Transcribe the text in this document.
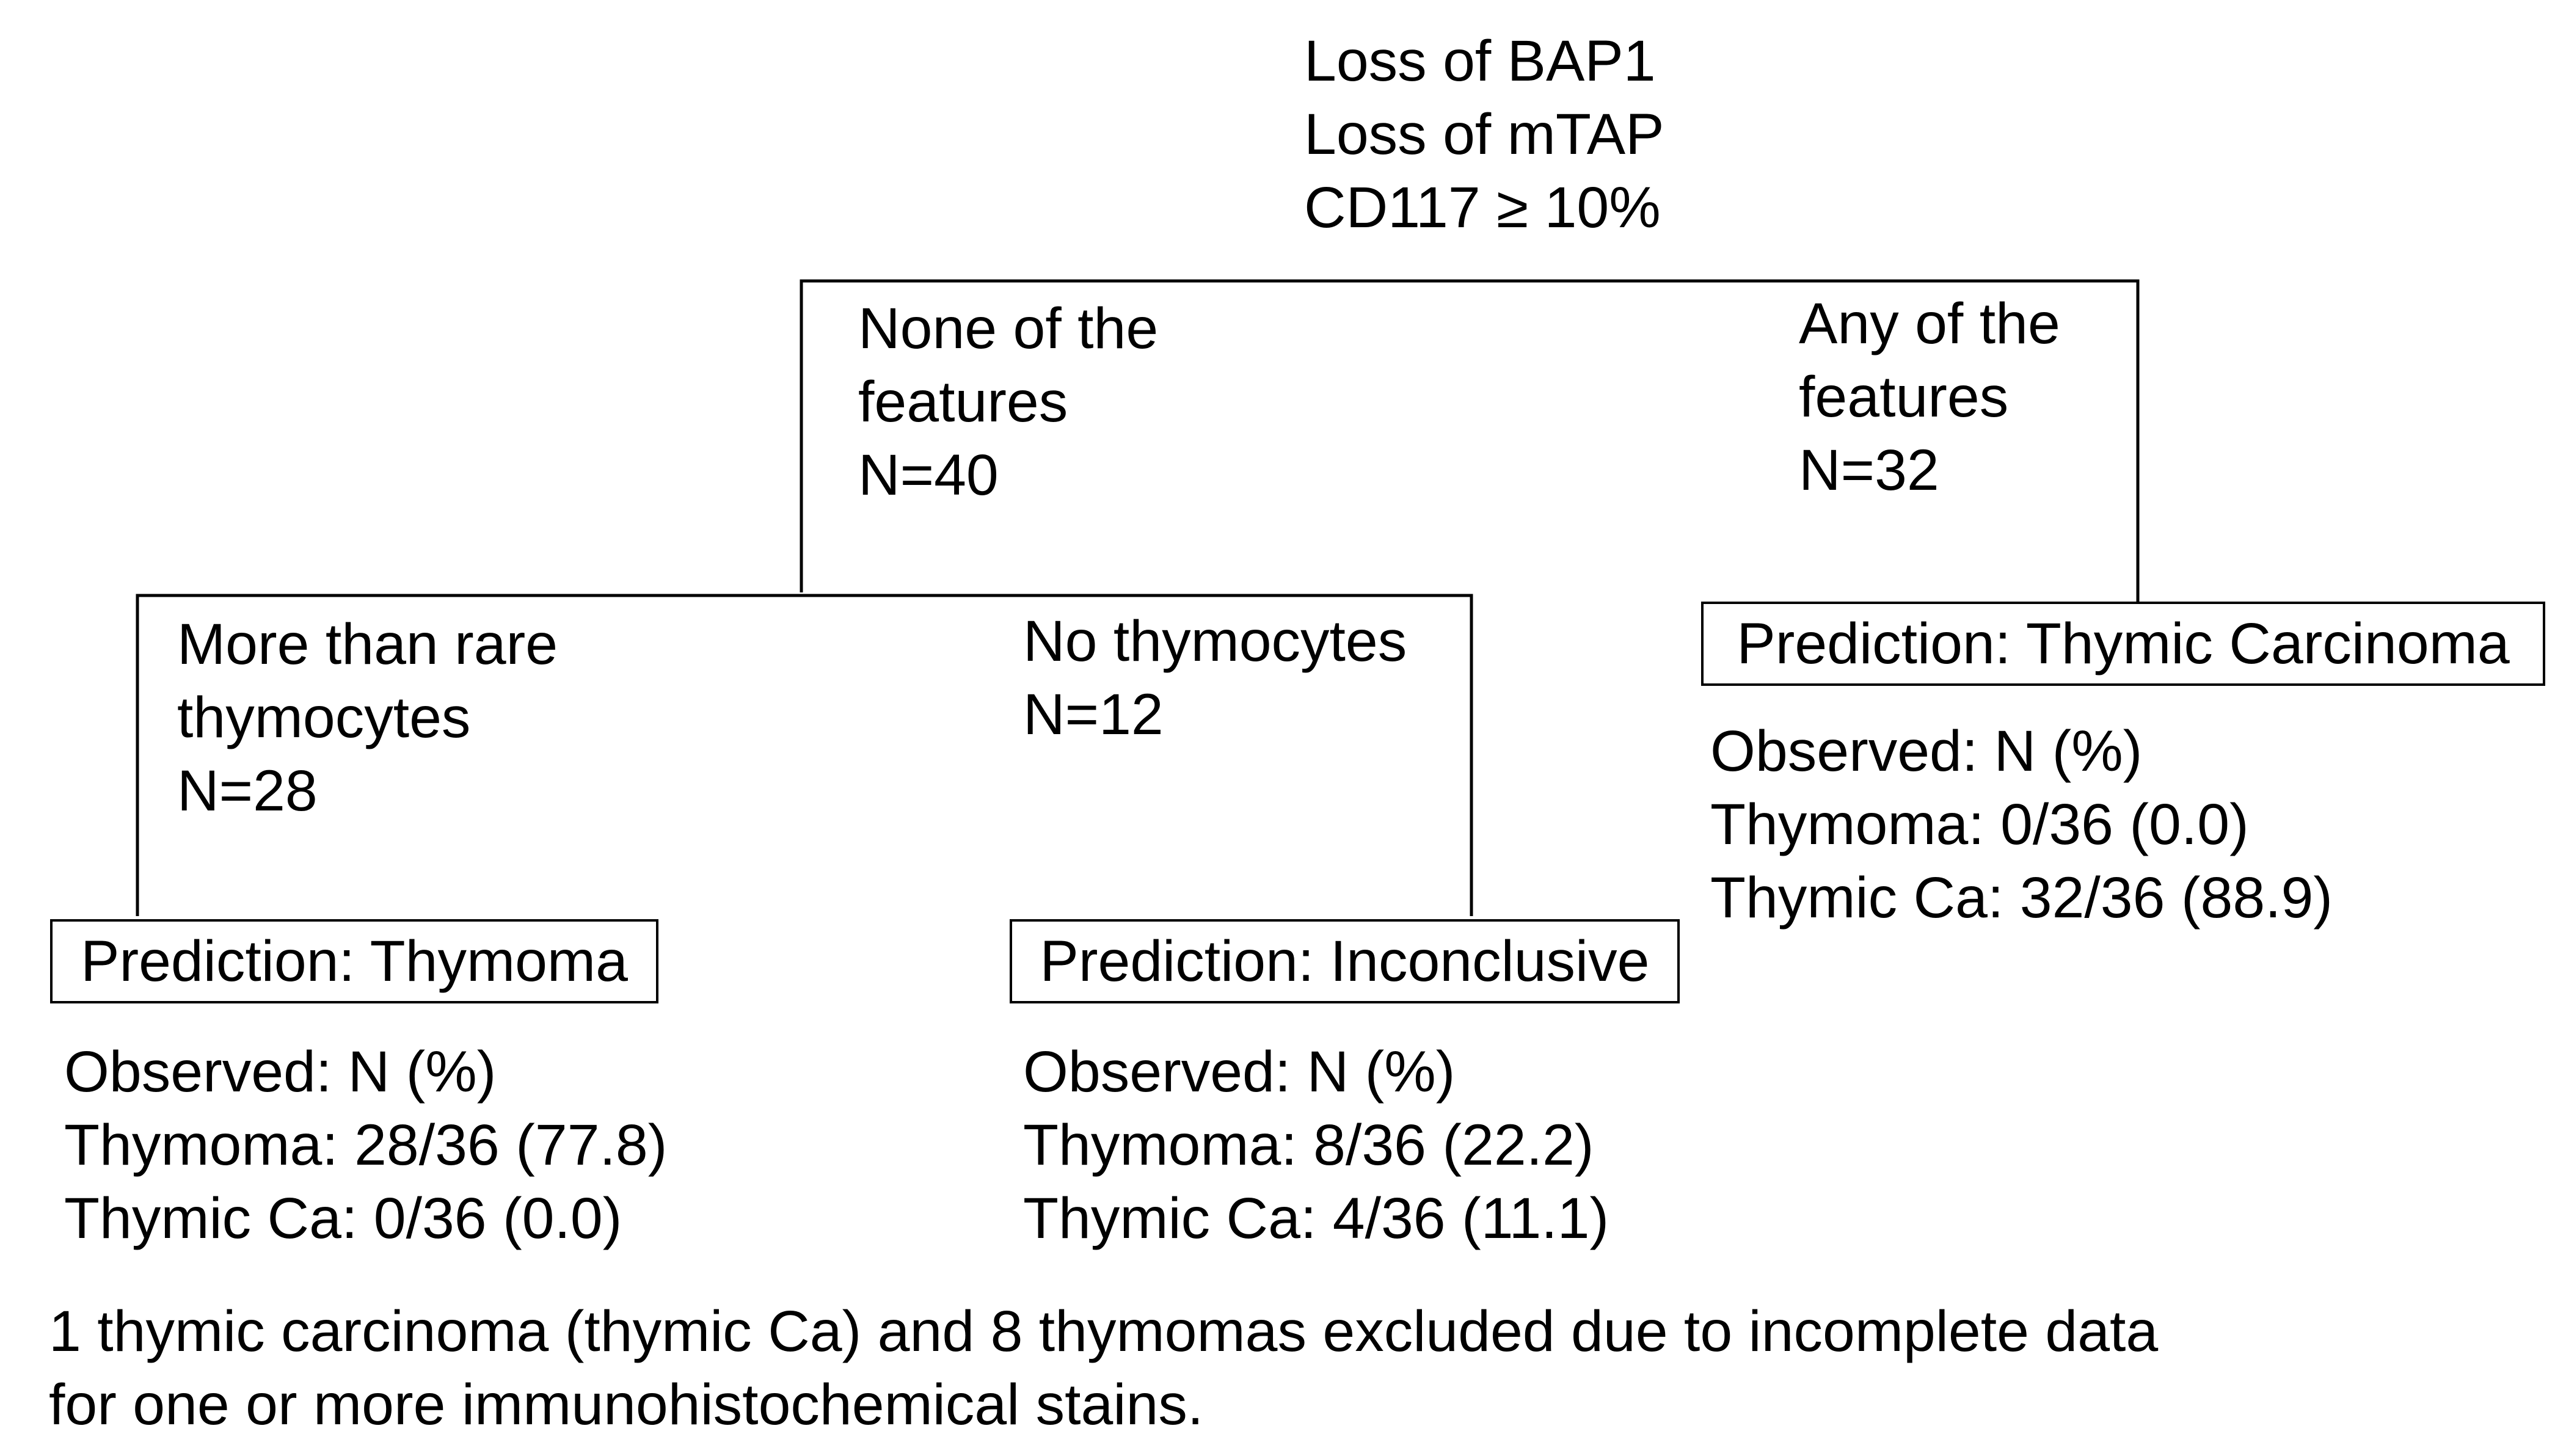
Loss of BAP1
Loss of mTAP
CD117 ≥ 10%
None of the
features
N=40
Any of the
features
N=32
More than rare
thymocytes
N=28
No thymocytes
N=12
Prediction: Thymic Carcinoma
Prediction: Thymoma	Prediction: Inconclusive
Observed: N (%)
Thymoma: 0/36 (0.0)
Thymic Ca: 32/36 (88.9)
Observed: N (%)
Thymoma: 28/36 (77.8)
Thymic Ca: 0/36 (0.0)
Observed: N (%)
Thymoma: 8/36 (22.2)
Thymic Ca: 4/36 (11.1)
1 thymic carcinoma (thymic Ca) and 8 thymomas excluded due to incomplete data
for one or more immunohistochemical stains.
